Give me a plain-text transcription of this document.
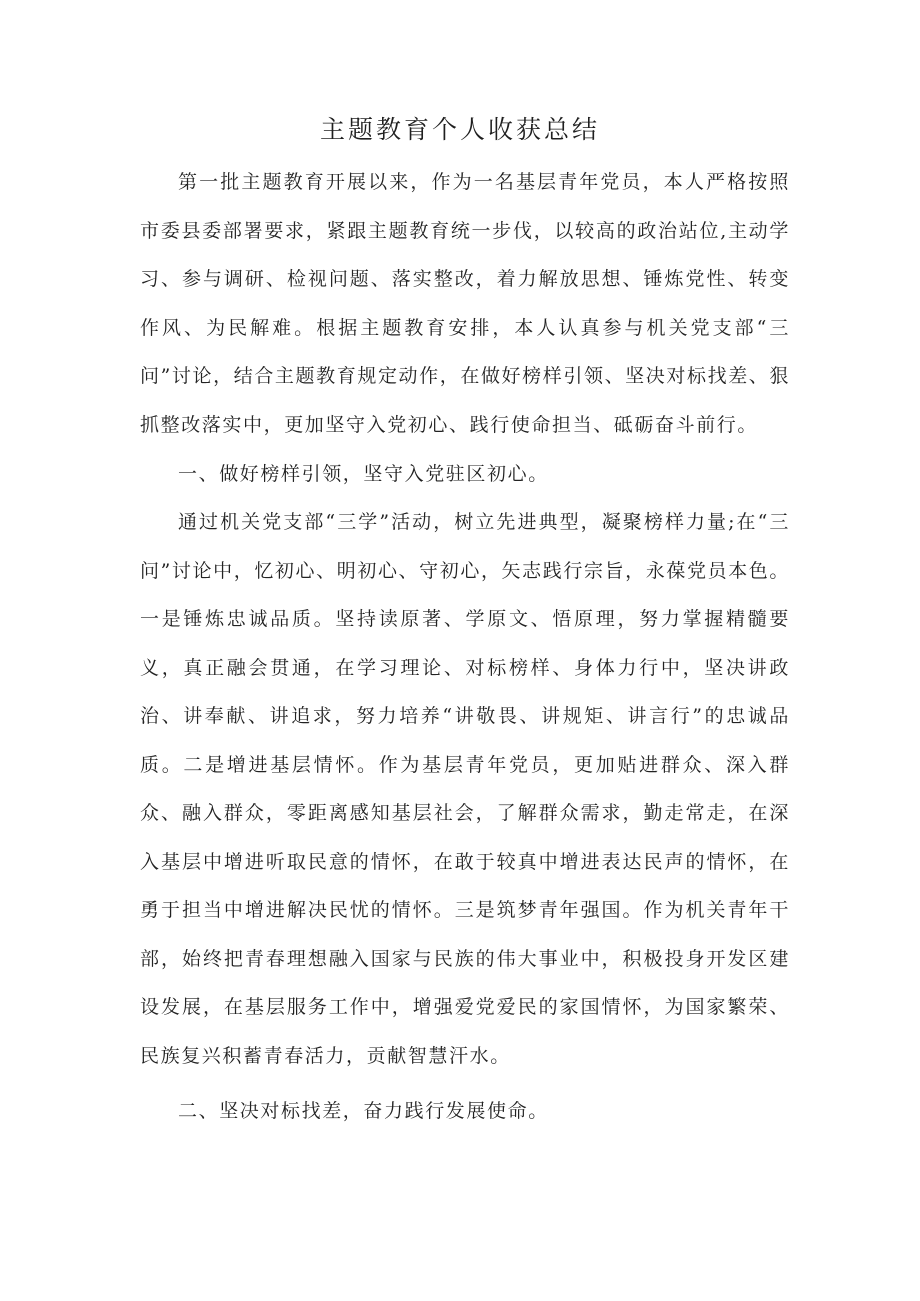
主题教育个人收获总结

第一批主题教育开展以来，作为一名基层青年党员，本人严格按照市委县委部署要求，紧跟主题教育统一步伐，以较高的政治站位,主动学习、参与调研、检视问题、落实整改，着力解放思想、锤炼党性、转变作风、为民解难。根据主题教育安排，本人认真参与机关党支部“三问”讨论，结合主题教育规定动作，在做好榜样引领、坚决对标找差、狠抓整改落实中，更加坚守入党初心、践行使命担当、砥砺奋斗前行。

一、做好榜样引领，坚守入党驻区初心。

通过机关党支部“三学”活动，树立先进典型，凝聚榜样力量;在“三问”讨论中，忆初心、明初心、守初心，矢志践行宗旨，永葆党员本色。一是锤炼忠诚品质。坚持读原著、学原文、悟原理，努力掌握精髓要义，真正融会贯通，在学习理论、对标榜样、身体力行中，坚决讲政治、讲奉献、讲追求，努力培养“讲敬畏、讲规矩、讲言行”的忠诚品质。二是增进基层情怀。作为基层青年党员，更加贴进群众、深入群众、融入群众，零距离感知基层社会，了解群众需求，勤走常走，在深入基层中增进听取民意的情怀，在敢于较真中增进表达民声的情怀，在勇于担当中增进解决民忧的情怀。三是筑梦青年强国。作为机关青年干部，始终把青春理想融入国家与民族的伟大事业中，积极投身开发区建设发展，在基层服务工作中，增强爱党爱民的家国情怀，为国家繁荣、民族复兴积蓄青春活力，贡献智慧汗水。

二、坚决对标找差，奋力践行发展使命。
